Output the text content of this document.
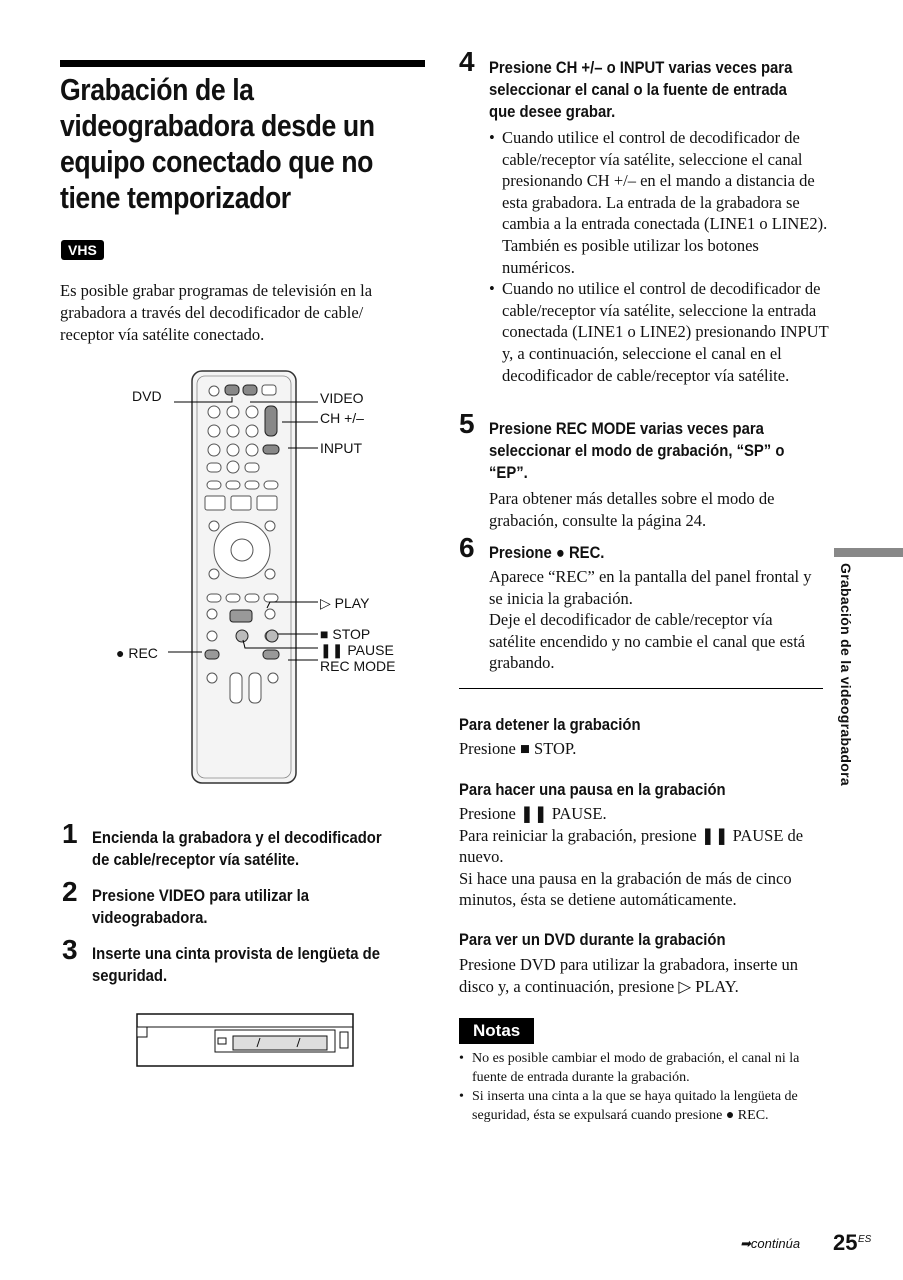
Grabación de la
videograbadora desde un
equipo conectado que no
tiene temporizador
VHS
Es posible grabar programas de televisión en la grabadora a través del decodificador de cable/ receptor vía satélite conectado.
DVD	VIDEO
CH +/–
INPUT
▷ PLAY
■ STOP
❚❚ PAUSE
REC MODE
● REC
1 Encienda la grabadora y el decodificador de cable/receptor vía satélite.
2 Presione VIDEO para utilizar la videograbadora.
3 Inserte una cinta provista de lengüeta de seguridad.
4 Presione CH +/– o INPUT varias veces para seleccionar el canal o la fuente de entrada que desee grabar.
• Cuando utilice el control de decodificador de cable/receptor vía satélite, seleccione el canal presionando CH +/– en el mando a distancia de esta grabadora. La entrada de la grabadora se cambia a la entrada conectada (LINE1 o LINE2). También es posible utilizar los botones numéricos.
• Cuando no utilice el control de decodificador de cable/receptor vía satélite, seleccione la entrada conectada (LINE1 o LINE2) presionando INPUT y, a continuación, seleccione el canal en el decodificador de cable/receptor vía satélite.
5 Presione REC MODE varias veces para seleccionar el modo de grabación, “SP” o “EP”.
Para obtener más detalles sobre el modo de grabación, consulte la página 24.
6 Presione ● REC.
Aparece “REC” en la pantalla del panel frontal y se inicia la grabación.
Deje el decodificador de cable/receptor vía satélite encendido y no cambie el canal que está grabando.
Para detener la grabación
Presione ■ STOP.
Para hacer una pausa en la grabación
Presione ❚❚ PAUSE.
Para reiniciar la grabación, presione ❚❚ PAUSE de nuevo.
Si hace una pausa en la grabación de más de cinco minutos, ésta se detiene automáticamente.
Para ver un DVD durante la grabación
Presione DVD para utilizar la grabadora, inserte un disco y, a continuación, presione ▷ PLAY.
Notas
• No es posible cambiar el modo de grabación, el canal ni la fuente de entrada durante la grabación.
• Si inserta una cinta a la que se haya quitado la lengüeta de seguridad, ésta se expulsará cuando presione ● REC.
Grabación de la videograbadora
➡continúa 25 ES
